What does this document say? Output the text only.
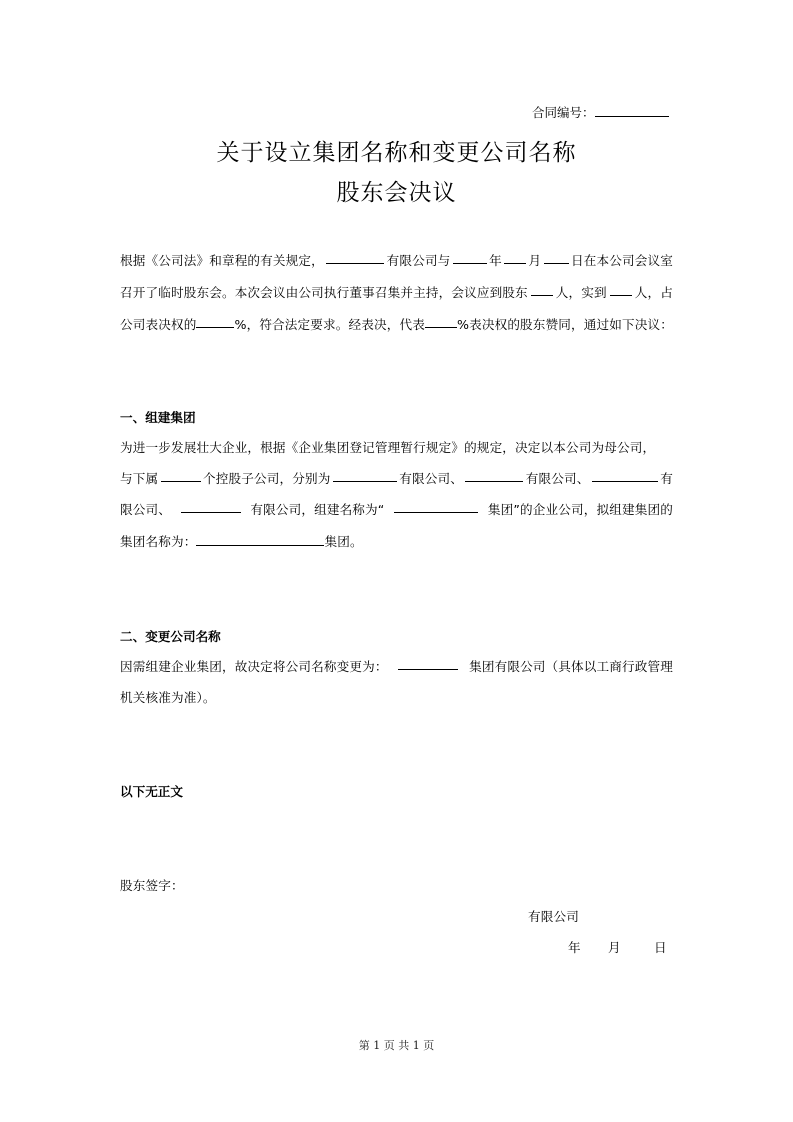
合同编号：
关于设立集团名称和变更公司名称
股东会决议
根据《公司法》和章程的有关规定，	有限公司与	年 月 日在本公司会议室
召开了临时股东会。本次会议由公司执行董事召集并主持，会议应到股东 人，实到 人，占
公司表决权的	%，符合法定要求。经表决，代表	%表决权的股东赞同，通过如下决议：
一、组建集团
为进一步发展壮大企业，根据《企业集团登记管理暂行规定》的规定，决定以本公司为母公司，
与下属	个控股子公司，分别为	有限公司、	有限公司、	有
限公司、	有限公司，组建名称为“	集团”的企业公司，拟组建集团的
集团名称为：	集团。
二、变更公司名称
因需组建企业集团，故决定将公司名称变更为：	集团有限公司（具体以工商行政管理
机关核准为准）。
以下无正文
股东签字：
有限公司
年 月	日
第 1 页 共 1 页
